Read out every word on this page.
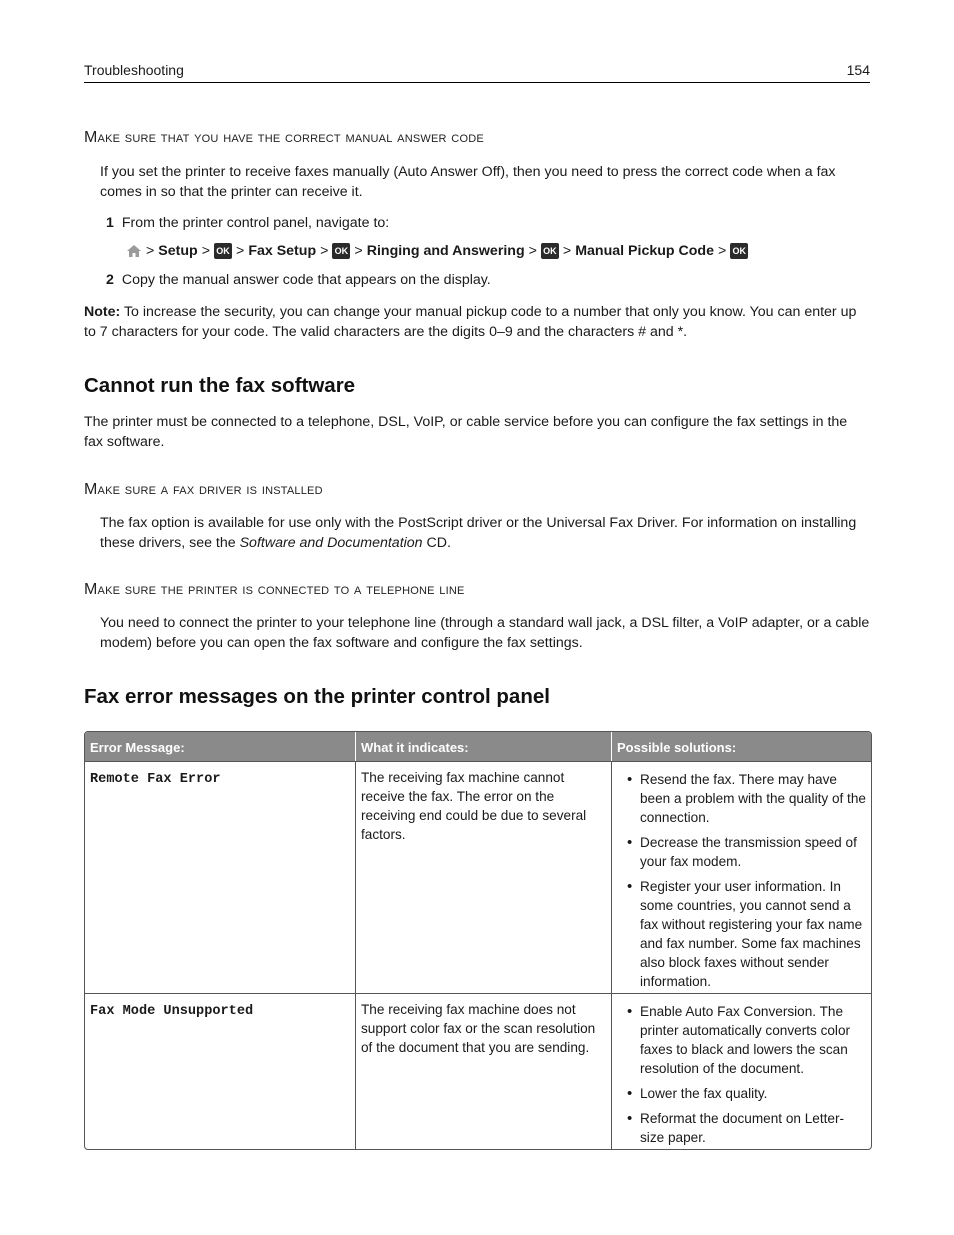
Troubleshooting	154
Make sure that you have the correct manual answer code
If you set the printer to receive faxes manually (Auto Answer Off), then you need to press the correct code when a fax comes in so that the printer can receive it.
1 From the printer control panel, navigate to:
> Setup > OK > Fax Setup > OK > Ringing and Answering > OK > Manual Pickup Code > OK
2 Copy the manual answer code that appears on the display.
Note: To increase the security, you can change your manual pickup code to a number that only you know. You can enter up to 7 characters for your code. The valid characters are the digits 0–9 and the characters # and *.
Cannot run the fax software
The printer must be connected to a telephone, DSL, VoIP, or cable service before you can configure the fax settings in the fax software.
Make sure a fax driver is installed
The fax option is available for use only with the PostScript driver or the Universal Fax Driver. For information on installing these drivers, see the Software and Documentation CD.
Make sure the printer is connected to a telephone line
You need to connect the printer to your telephone line (through a standard wall jack, a DSL filter, a VoIP adapter, or a cable modem) before you can open the fax software and configure the fax settings.
Fax error messages on the printer control panel
Error Message:	What it indicates:	Possible solutions:
Remote Fax Error	The receiving fax machine cannot receive the fax. The error on the receiving end could be due to several factors.
• Resend the fax. There may have been a problem with the quality of the connection.
• Decrease the transmission speed of your fax modem.
• Register your user information. In some countries, you cannot send a fax without registering your fax name and fax number. Some fax machines also block faxes without sender information.
Fax Mode Unsupported	The receiving fax machine does not support color fax or the scan resolution of the document that you are sending.
• Enable Auto Fax Conversion. The printer automatically converts color faxes to black and lowers the scan resolution of the document.
• Lower the fax quality.
• Reformat the document on Letter-size paper.
